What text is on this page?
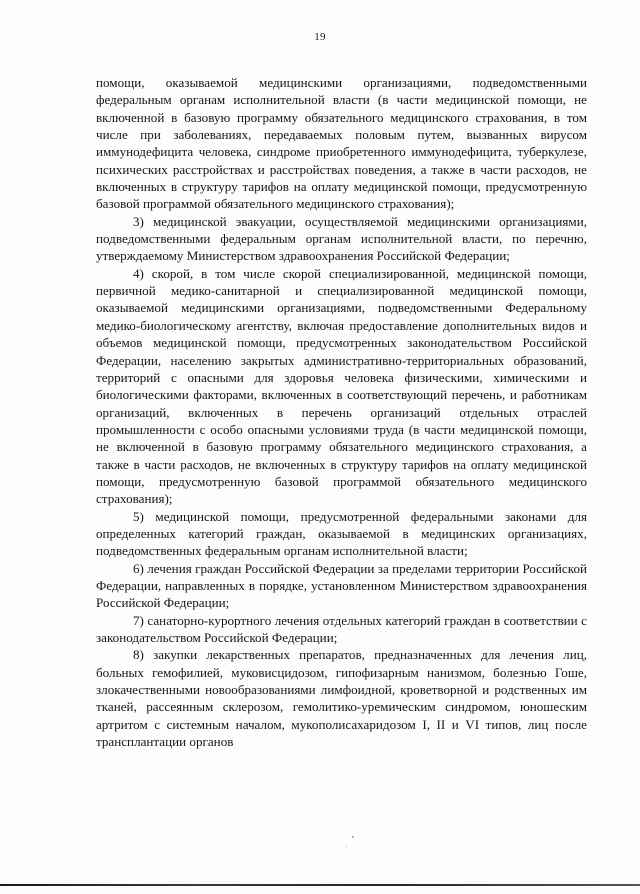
19

помощи, оказываемой медицинскими организациями, подведомственными федеральным органам исполнительной власти (в части медицинской помощи, не включенной в базовую программу обязательного медицинского страхования, в том числе при заболеваниях, передаваемых половым путем, вызванных вирусом иммунодефицита человека, синдроме приобретенного иммунодефицита, туберкулезе, психических расстройствах и расстройствах поведения, а также в части расходов, не включенных в структуру тарифов на оплату медицинской помощи, предусмотренную базовой программой обязательного медицинского страхования);

3) медицинской эвакуации, осуществляемой медицинскими организациями, подведомственными федеральным органам исполнительной власти, по перечню, утверждаемому Министерством здравоохранения Российской Федерации;

4) скорой, в том числе скорой специализированной, медицинской помощи, первичной медико-санитарной и специализированной медицинской помощи, оказываемой медицинскими организациями, подведомственными Федеральному медико-биологическому агентству, включая предоставление дополнительных видов и объемов медицинской помощи, предусмотренных законодательством Российской Федерации, населению закрытых административно-территориальных образований, территорий с опасными для здоровья человека физическими, химическими и биологическими факторами, включенных в соответствующий перечень, и работникам организаций, включенных в перечень организаций отдельных отраслей промышленности с особо опасными условиями труда (в части медицинской помощи, не включенной в базовую программу обязательного медицинского страхования, а также в части расходов, не включенных в структуру тарифов на оплату медицинской помощи, предусмотренную базовой программой обязательного медицинского страхования);

5) медицинской помощи, предусмотренной федеральными законами для определенных категорий граждан, оказываемой в медицинских организациях, подведомственных федеральным органам исполнительной власти;

6) лечения граждан Российской Федерации за пределами территории Российской Федерации, направленных в порядке, установленном Министерством здравоохранения Российской Федерации;

7) санаторно-курортного лечения отдельных категорий граждан в соответствии с законодательством Российской Федерации;

8) закупки лекарственных препаратов, предназначенных для лечения лиц, больных гемофилией, муковисцидозом, гипофизарным нанизмом, болезнью Гоше, злокачественными новообразованиями лимфоидной, кроветворной и родственных им тканей, рассеянным склерозом, гемолитико-уремическим синдромом, юношеским артритом с системным началом, мукополисахаридозом I, II и VI типов, лиц после трансплантации органов
